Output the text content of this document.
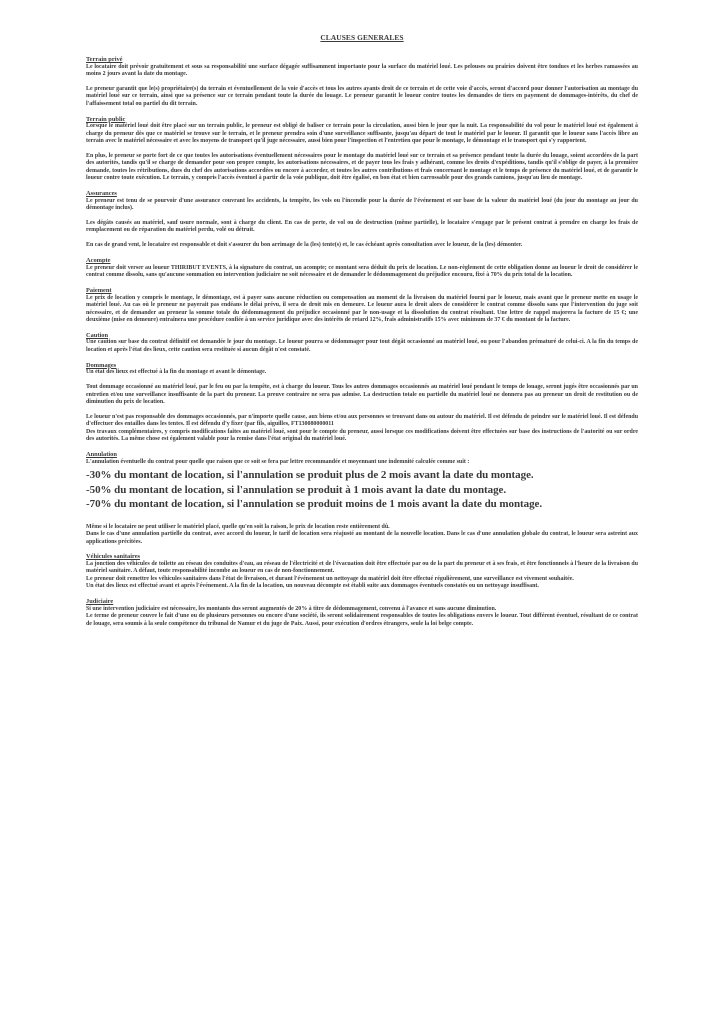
CLAUSES GENERALES
Terrain privé

Le locataire doit prévoir gratuitement et sous sa responsabilité une surface dégagée suffisamment importante pour la surface du matériel loué. Les pelouses ou prairies doivent être tondues et les herbes ramassées au moins 2 jours avant la date du montage.

Le preneur garantit que le(s) propriétaire(s) du terrain et éventuellement de la voie d'accès et tous les autres ayants droit de ce terrain et de cette voie d'accès, seront d'accord pour donner l'autorisation au montage du matériel loué sur ce terrain, ainsi que sa présence sur ce terrain pendant toute la durée du louage. Le preneur garantit le loueur contre toutes les demandes de tiers en payement de dommages-intérêts, du chef de l'affaissement total ou partiel du dit terrain.

Terrain public

Lorsque le matériel loué doit être placé sur un terrain public, le preneur est obligé de baliser ce terrain pour la circulation, aussi bien le jour que la nuit. La responsabilité du vol pour le matériel loué est également à charge du preneur dès que ce matériel se trouve sur le terrain, et le preneur prendra soin d'une surveillance suffisante, jusqu'au départ de tout le matériel par le loueur. Il garantit que le loueur sans l'accès libre au terrain avec le matériel nécessaire et avec les moyens de transport qu'il juge nécessaire, aussi bien pour l'inspection et l'entretien que pour le montage, le démontage et le transport qui s'y rapportent.

En plus, le preneur se porte fort de ce que toutes les autorisations éventuellement nécessaires pour le montage du matériel loué sur ce terrain et sa présence pendant toute la durée du louage, soient accordées de la part des autorités, tandis qu'il se charge de demander pour son propre compte, les autorisations nécessaires, et de payer tous les frais y adhérant, comme les droits d'expéditions, tandis qu'il s'oblige de payer, à la première demande, toutes les rétributions, dues du chef des autorisations accordées ou encore à accorder, et toutes les autres contributions et frais concernant le montage et le temps de présence du matériel loué, et de garantir le loueur contre toute exécution. Le terrain, y compris l'accès éventuel à partir de la voie publique, doit être égalisé, en bon état et bien carrossable pour des grands camions, jusqu'au lieu de montage.

Assurances

Le preneur est tenu de se pourvoir d'une assurance couvrant les accidents, la tempête, les vols ou l'incendie pour la durée de l'événement et sur base de la valeur du matériel loué (du jour du montage au jour du démontage inclus).

Les dégâts causés au matériel, sauf usure normale, sont à charge du client. En cas de perte, de vol ou de destruction (même partielle), le locataire s'engage par le présent contrat à prendre en charge les frais de remplacement ou de réparation du matériel perdu, volé ou détruit.

En cas de grand vent, le locataire est responsable et doit s'assurer du bon arrimage de la (les) tente(s) et, le cas échéant après consultation avec le loueur, de la (les) démonter.

Acompte

Le preneur doit verser au loueur THIRIBUT EVENTS, à la signature du contrat, un acompte; ce montant sera déduit du prix de location. Le non-règlement de cette obligation donne au loueur le droit de considérer le contrat comme dissolu, sans qu'aucune sommation ou intervention judiciaire ne soit nécessaire et de demander le dédommagement du préjudice encouru, fixé à 70% du prix total de la location.

Paiement

Le prix de location y compris le montage, le démontage, est à payer sans aucune réduction ou compensation au moment de la livraison du matériel fourni par le loueur, mais avant que le preneur mette en usage le matériel loué. Au cas où le preneur ne payerait pas endéans le délai prévu, il sera de droit mis en demeure. Le loueur aura le droit alors de considérer le contrat comme dissolu sans que l'intervention du juge soit nécessaire, et de demander au preneur la somme totale du dédommagement du préjudice occasionné par le non-usage et la dissolution du contrat résultant. Une lettre de rappel majorera la facture de 15 €; une deuxième (mise en demeure) entraînera une procédure confiée à un service juridique avec des intérêts de retard 12%, frais administratifs 15% avec minimum de 37 € du montant de la facture.

Caution

Une caution sur base du contrat définitif est demandée le jour du montage. Le loueur pourra se dédommager pour tout dégât occasionné au matériel loué, ou pour l'abandon prématuré de celui-ci. A la fin du temps de location et après l'état des lieux, cette caution sera restituée si aucun dégât n'est constaté.

Dommages

Un état des lieux est effectué à la fin du montage et avant le démontage.

Tout dommage occasionné au matériel loué, par le feu ou par la tempête, est à charge du loueur. Tous les autres dommages occasionnés au matériel loué pendant le temps de louage, seront jugés être occasionnés par un entretien et/ou une surveillance insuffisante de la part du preneur. La preuve contraire ne sera pas admise. La destruction totale ou partielle du matériel loué ne donnera pas au preneur un droit de restitution ou de diminution du prix de location.

Le loueur n'est pas responsable des dommages occasionnés, par n'importe quelle cause, aux biens et/ou aux personnes se trouvant dans ou autour du matériel. Il est défendu de peindre sur le matériel loué. Il est défendu d'effectuer des entailles dans les tentes. Il est défendu d'y fixer (par fils, aiguilles, FT130080000011

Des travaux complémentaires, y compris modifications faites au matériel loué, sont pour le compte du preneur, aussi lorsque ces modifications doivent être effectuées sur base des instructions de l'autorité ou sur ordre des autorités. La même chose est également valable pour la remise dans l'état original du matériel loué.

Annulation

L'annulation éventuelle du contrat pour quelle que raison que ce soit se fera par lettre recommandée et moyennant une indemnité calculée comme suit :

-30% du montant de location, si l'annulation se produit plus de 2 mois avant la date du montage.
-50% du montant de location, si l'annulation se produit à 1 mois avant la date du montage.
-70% du montant de location, si l'annulation se produit moins de 1 mois avant la date du montage.

Même si le locataire ne peut utiliser le matériel placé, quelle qu'en soit la raison, le prix de location reste entièrement dû.

Dans le cas d'une annulation partielle du contrat, avec accord du loueur, le tarif de location sera réajusté au montant de la nouvelle location. Dans le cas d'une annulation globale du contrat, le loueur sera astreint aux applications précitées.

Véhicules sanitaires

La jonction des véhicules de toilette au réseau des conduites d'eau, au réseau de l'électricité et de l'évacuation doit être effectuée par ou de la part du preneur et à ses frais, et être fonctionnels à l'heure de la livraison du matériel sanitaire. A défaut, toute responsabilité incombe au loueur en cas de non-fonctionnement.

Le preneur doit remettre les véhicules sanitaires dans l'état de livraison, et durant l'événement un nettoyage du matériel doit être effectué régulièrement, une surveillance est vivement souhaitée.

Un état des lieux est effectué avant et après l'événement. A la fin de la location, un nouveau décompte est établi suite aux dommages éventuels constatés ou un nettoyage insuffisant.

Judiciaire

Si une intervention judiciaire est nécessaire, les montants dus seront augmentés de 20% à titre de dédommagement, convenu à l'avance et sans aucune diminution.

Le terme de preneur couvre le fait d'une ou de plusieurs personnes ou encore d'une société, ils seront solidairement responsables de toutes les obligations envers le loueur. Tout différent éventuel, résultant de ce contrat de louage, sera soumis à la seule compétence du tribunal de Namur et du juge de Paix. Aussi, pour exécution d'ordres étrangers, seule la loi belge compte.
